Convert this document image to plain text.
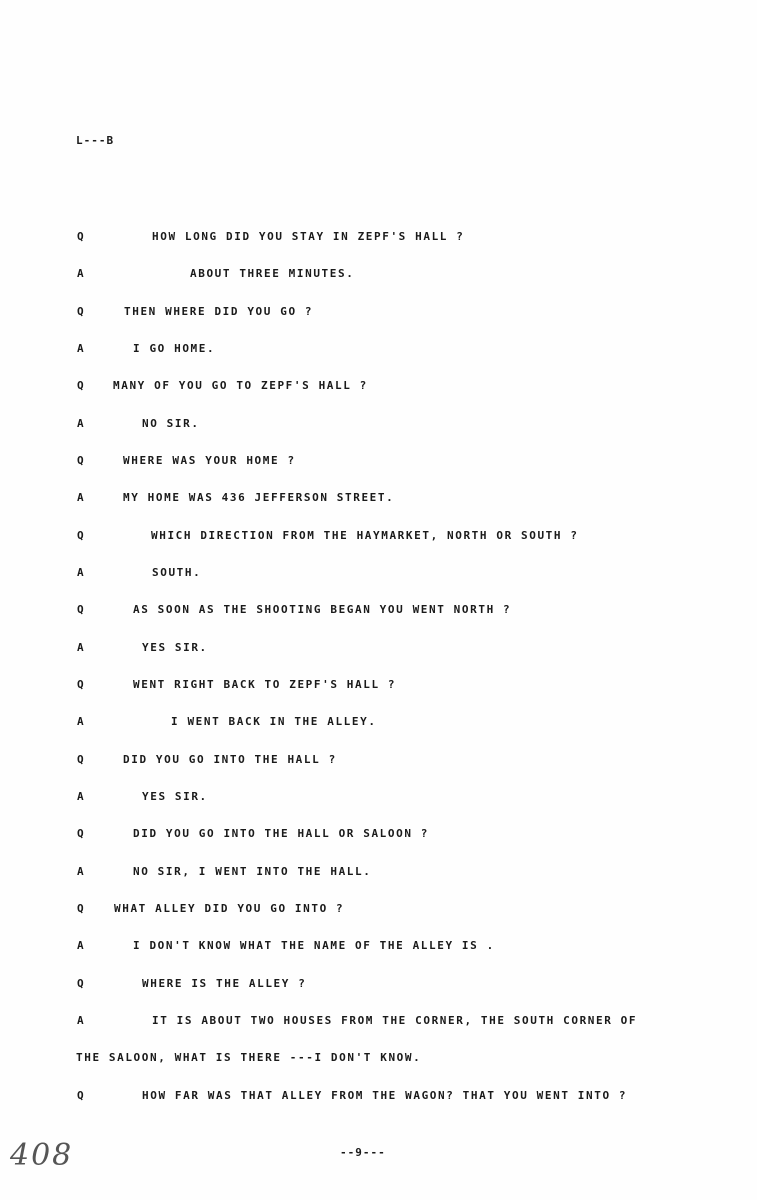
L---B
Q	HOW LONG DID YOU STAY IN ZEPF'S HALL ?
A	ABOUT THREE MINUTES.
Q	THEN WHERE DID YOU GO ?
A	I GO HOME.
Q	MANY OF YOU GO TO ZEPF'S HALL ?
A	NO SIR.
Q	WHERE WAS YOUR HOME ?
A	MY HOME WAS 436 JEFFERSON STREET.
Q	WHICH DIRECTION FROM THE HAYMARKET, NORTH OR SOUTH ?
A	SOUTH.
Q	AS SOON AS THE SHOOTING BEGAN YOU WENT NORTH ?
A	YES SIR.
Q	WENT RIGHT BACK TO ZEPF'S HALL ?
A	I WENT BACK IN THE ALLEY.
Q	DID YOU GO INTO THE HALL ?
A	YES SIR.
Q	DID YOU GO INTO THE HALL OR SALOON ?
A	NO SIR, I WENT INTO THE HALL.
Q	WHAT ALLEY DID YOU GO INTO ?
A	I DON'T KNOW WHAT THE NAME OF THE ALLEY IS .
Q	WHERE IS THE ALLEY ?
A	IT IS ABOUT TWO HOUSES FROM THE CORNER, THE SOUTH CORNER OF
THE SALOON, WHAT IS THERE ---I DON'T KNOW.
Q	HOW FAR WAS THAT ALLEY FROM THE WAGON? THAT YOU WENT INTO ?
408	--9---
